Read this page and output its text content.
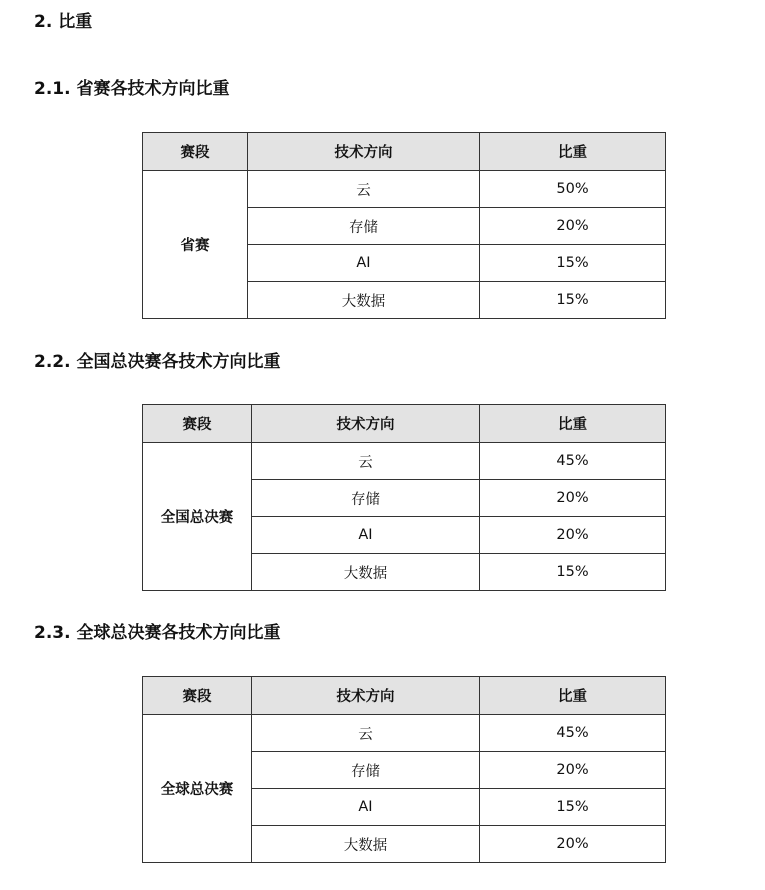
2. 比重
2.1. 省赛各技术方向比重
赛段	技术方向	比重
省赛	云	50%
	存储	20%
	AI	15%
	大数据	15%
2.2. 全国总决赛各技术方向比重
赛段	技术方向	比重
全国总决赛	云	45%
	存储	20%
	AI	20%
	大数据	15%
2.3. 全球总决赛各技术方向比重
赛段	技术方向	比重
全球总决赛	云	45%
	存储	20%
	AI	15%
	大数据	20%
